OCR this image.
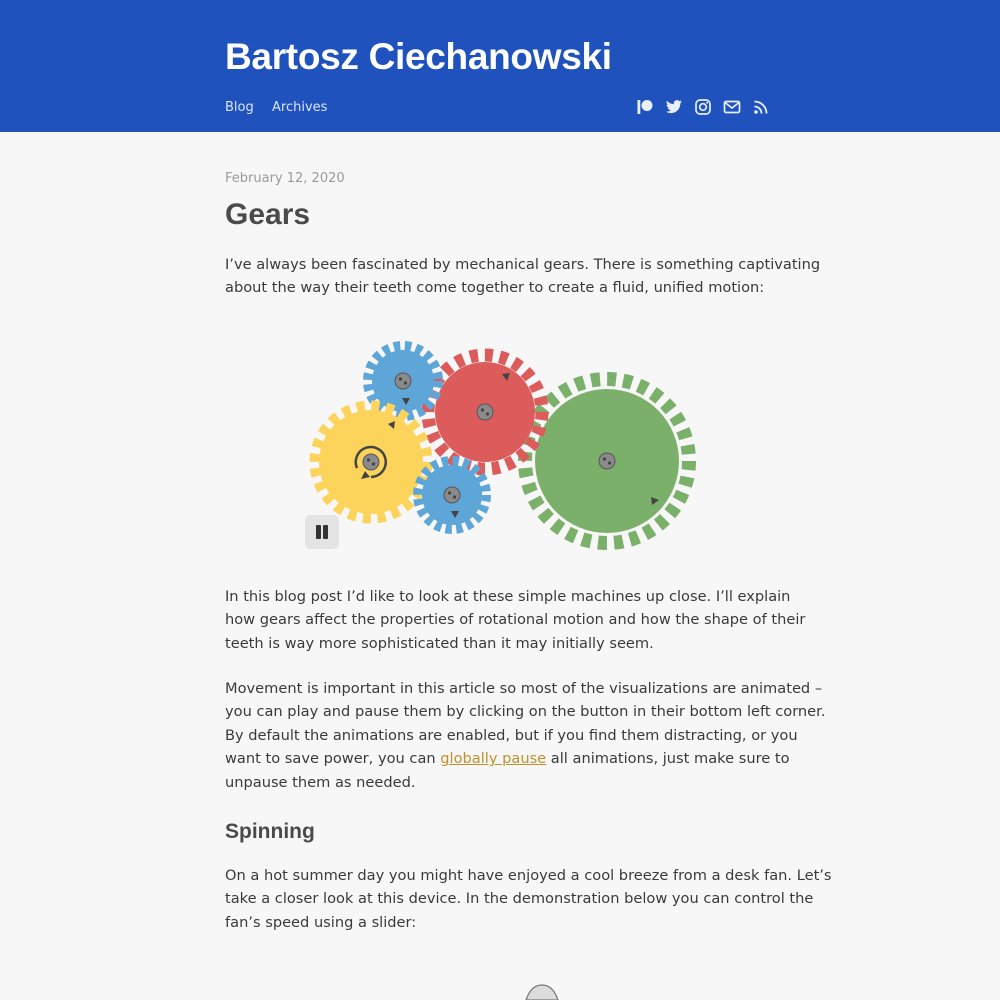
Bartosz Ciechanowski
Blog Archives
February 12, 2020
Gears

I’ve always been fascinated by mechanical gears. There is something captivating
about the way their teeth come together to create a fluid, unified motion:

In this blog post I’d like to look at these simple machines up close. I’ll explain
how gears affect the properties of rotational motion and how the shape of their
teeth is way more sophisticated than it may initially seem.

Movement is important in this article so most of the visualizations are animated –
you can play and pause them by clicking on the button in their bottom left corner.
By default the animations are enabled, but if you find them distracting, or you
want to save power, you can globally pause all animations, just make sure to
unpause them as needed.

Spinning

On a hot summer day you might have enjoyed a cool breeze from a desk fan. Let’s
take a closer look at this device. In the demonstration below you can control the
fan’s speed using a slider:
